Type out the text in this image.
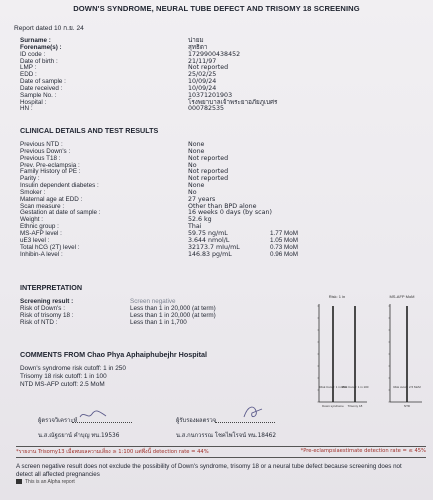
DOWN'S SYNDROME, NEURAL TUBE DEFECT AND TRISOMY 18 SCREENING
Report dated 10 ก.ย. 24
Surname :	น่ายม
Forename(s) :	สุทธิดา
ID code :	1729900438452
Date of birth :	21/11/97
LMP :	Not reported
EDD :	25/02/25
Date of sample :	10/09/24
Date received :	10/09/24
Sample No. :	10371201903
Hospital :	โรงพยาบาลเจ้าพระยาอภัยภูเบศร
HN :	000782535
CLINICAL DETAILS AND TEST RESULTS
Previous NTD :	None
Previous Down's :	None
Previous T18 :	Not reported
Prev. Pre-eclampsia :	No
Family History of PE :	Not reported
Parity :	Not reported
Insulin dependent diabetes :	None
Smoker :	No
Maternal age at EDD :	27 years
Scan measure :	Other than BPD alone
Gestation at date of sample :	16 weeks 0 days (by scan)
Weight :	52.6 kg
Ethnic group :	Thai
MS-AFP level :	59.75 ng/mL	1.77 MoM
uE3 level :	3.644 nmol/L	1.05 MoM
Total hCG (2T) level :	32173.7 mIu/mL	0.73 MoM
Inhibin-A level :	146.83 pg/mL	0.96 MoM
INTERPRETATION
Screening result :	Screen negative
Risk of Down's :	Less than 1 in 20,000 (at term)
Risk of trisomy 18 :	Less than 1 in 20,000 (at term)
Risk of NTD :	Less than 1 in 1,700
COMMENTS FROM Chao Phya Aphaiphubejhr Hospital
Down's syndrome risk cutoff: 1 in 250
Trisomy 18 risk cutoff: 1 in 100
NTD MS-AFP cutoff: 2.5 MoM
Risk: 1 in
Risk Cutoff: 1 in 250
Risk Cutoff: 1 in 100
Down syndrome Trisomy 18
MS-AFP MoM
Risk cutoff: 2.5 MoM
NTD
ผู้ตรวจวิเคราะห์
น.ส.ณัฐธยาน์ คำบุญ ทน.19536
ผู้รับรองผลตรวจ
น.ส.กนกวรรณ โชคไพโรจน์ ทน.18462
*รายงาน Trisomy13 เมื่อพบผลความเสี่ยง ≥ 1:100 แต่พึ่งนี้ detection rate = 44%	*Pre-eclampsiaestimate detection rate = ≤ 45%
A screen negative result does not exclude the possibility of Down's syndrome, trisomy 18 or a neural tube defect because screening does not detect all affected pregnancies
This is an Alpha report
